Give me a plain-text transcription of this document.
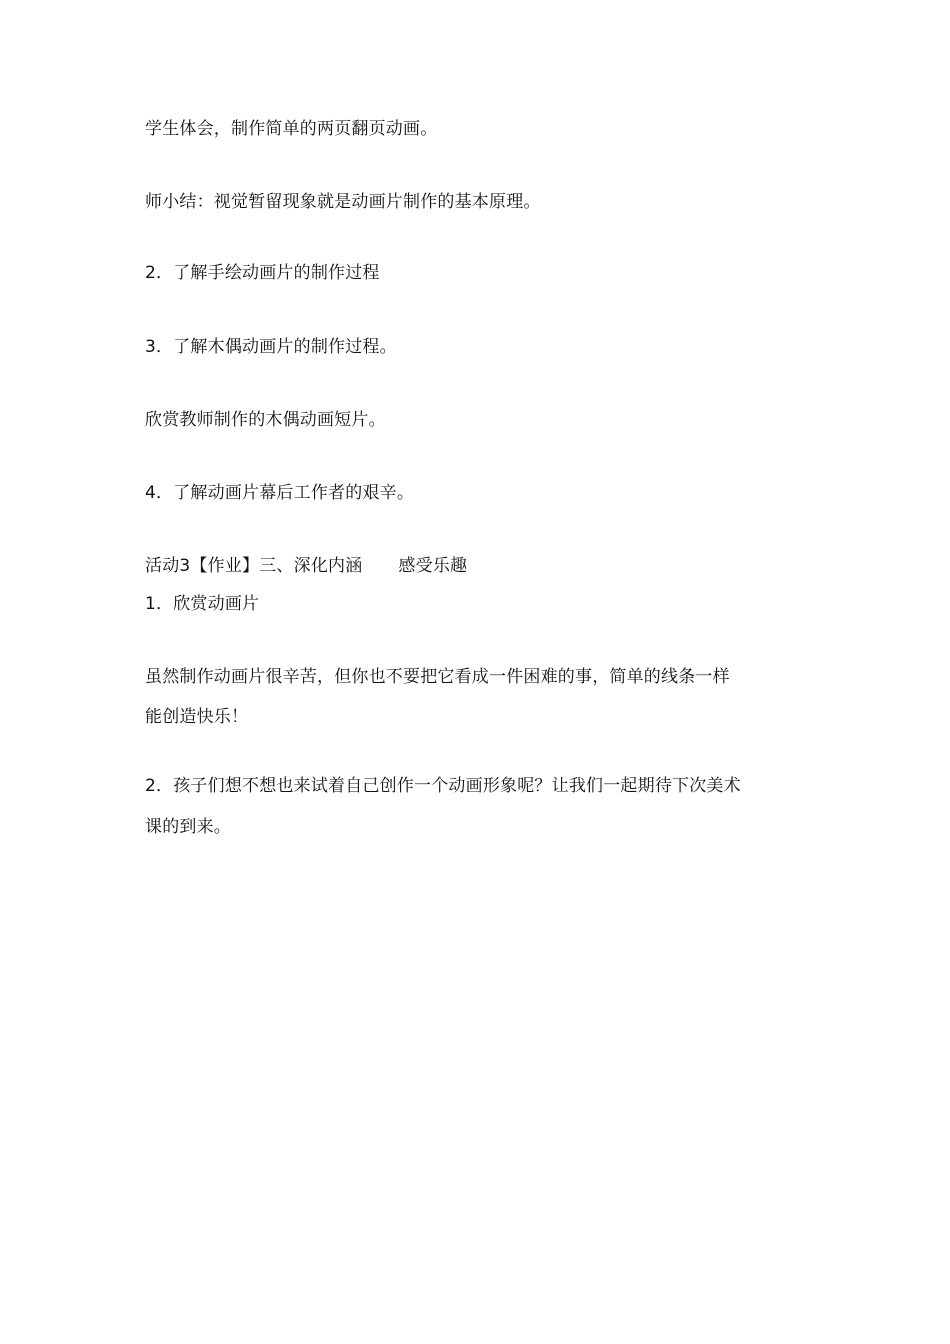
学生体会，制作简单的两页翻页动画。
师小结：视觉暂留现象就是动画片制作的基本原理。
2．了解手绘动画片的制作过程
3．了解木偶动画片的制作过程。
欣赏教师制作的木偶动画短片。
4．了解动画片幕后工作者的艰辛。
活动3【作业】三、深化内涵 感受乐趣
1．欣赏动画片
虽然制作动画片很辛苦，但你也不要把它看成一件困难的事，简单的线条一样
能创造快乐！
2．孩子们想不想也来试着自己创作一个动画形象呢？让我们一起期待下次美术
课的到来。
